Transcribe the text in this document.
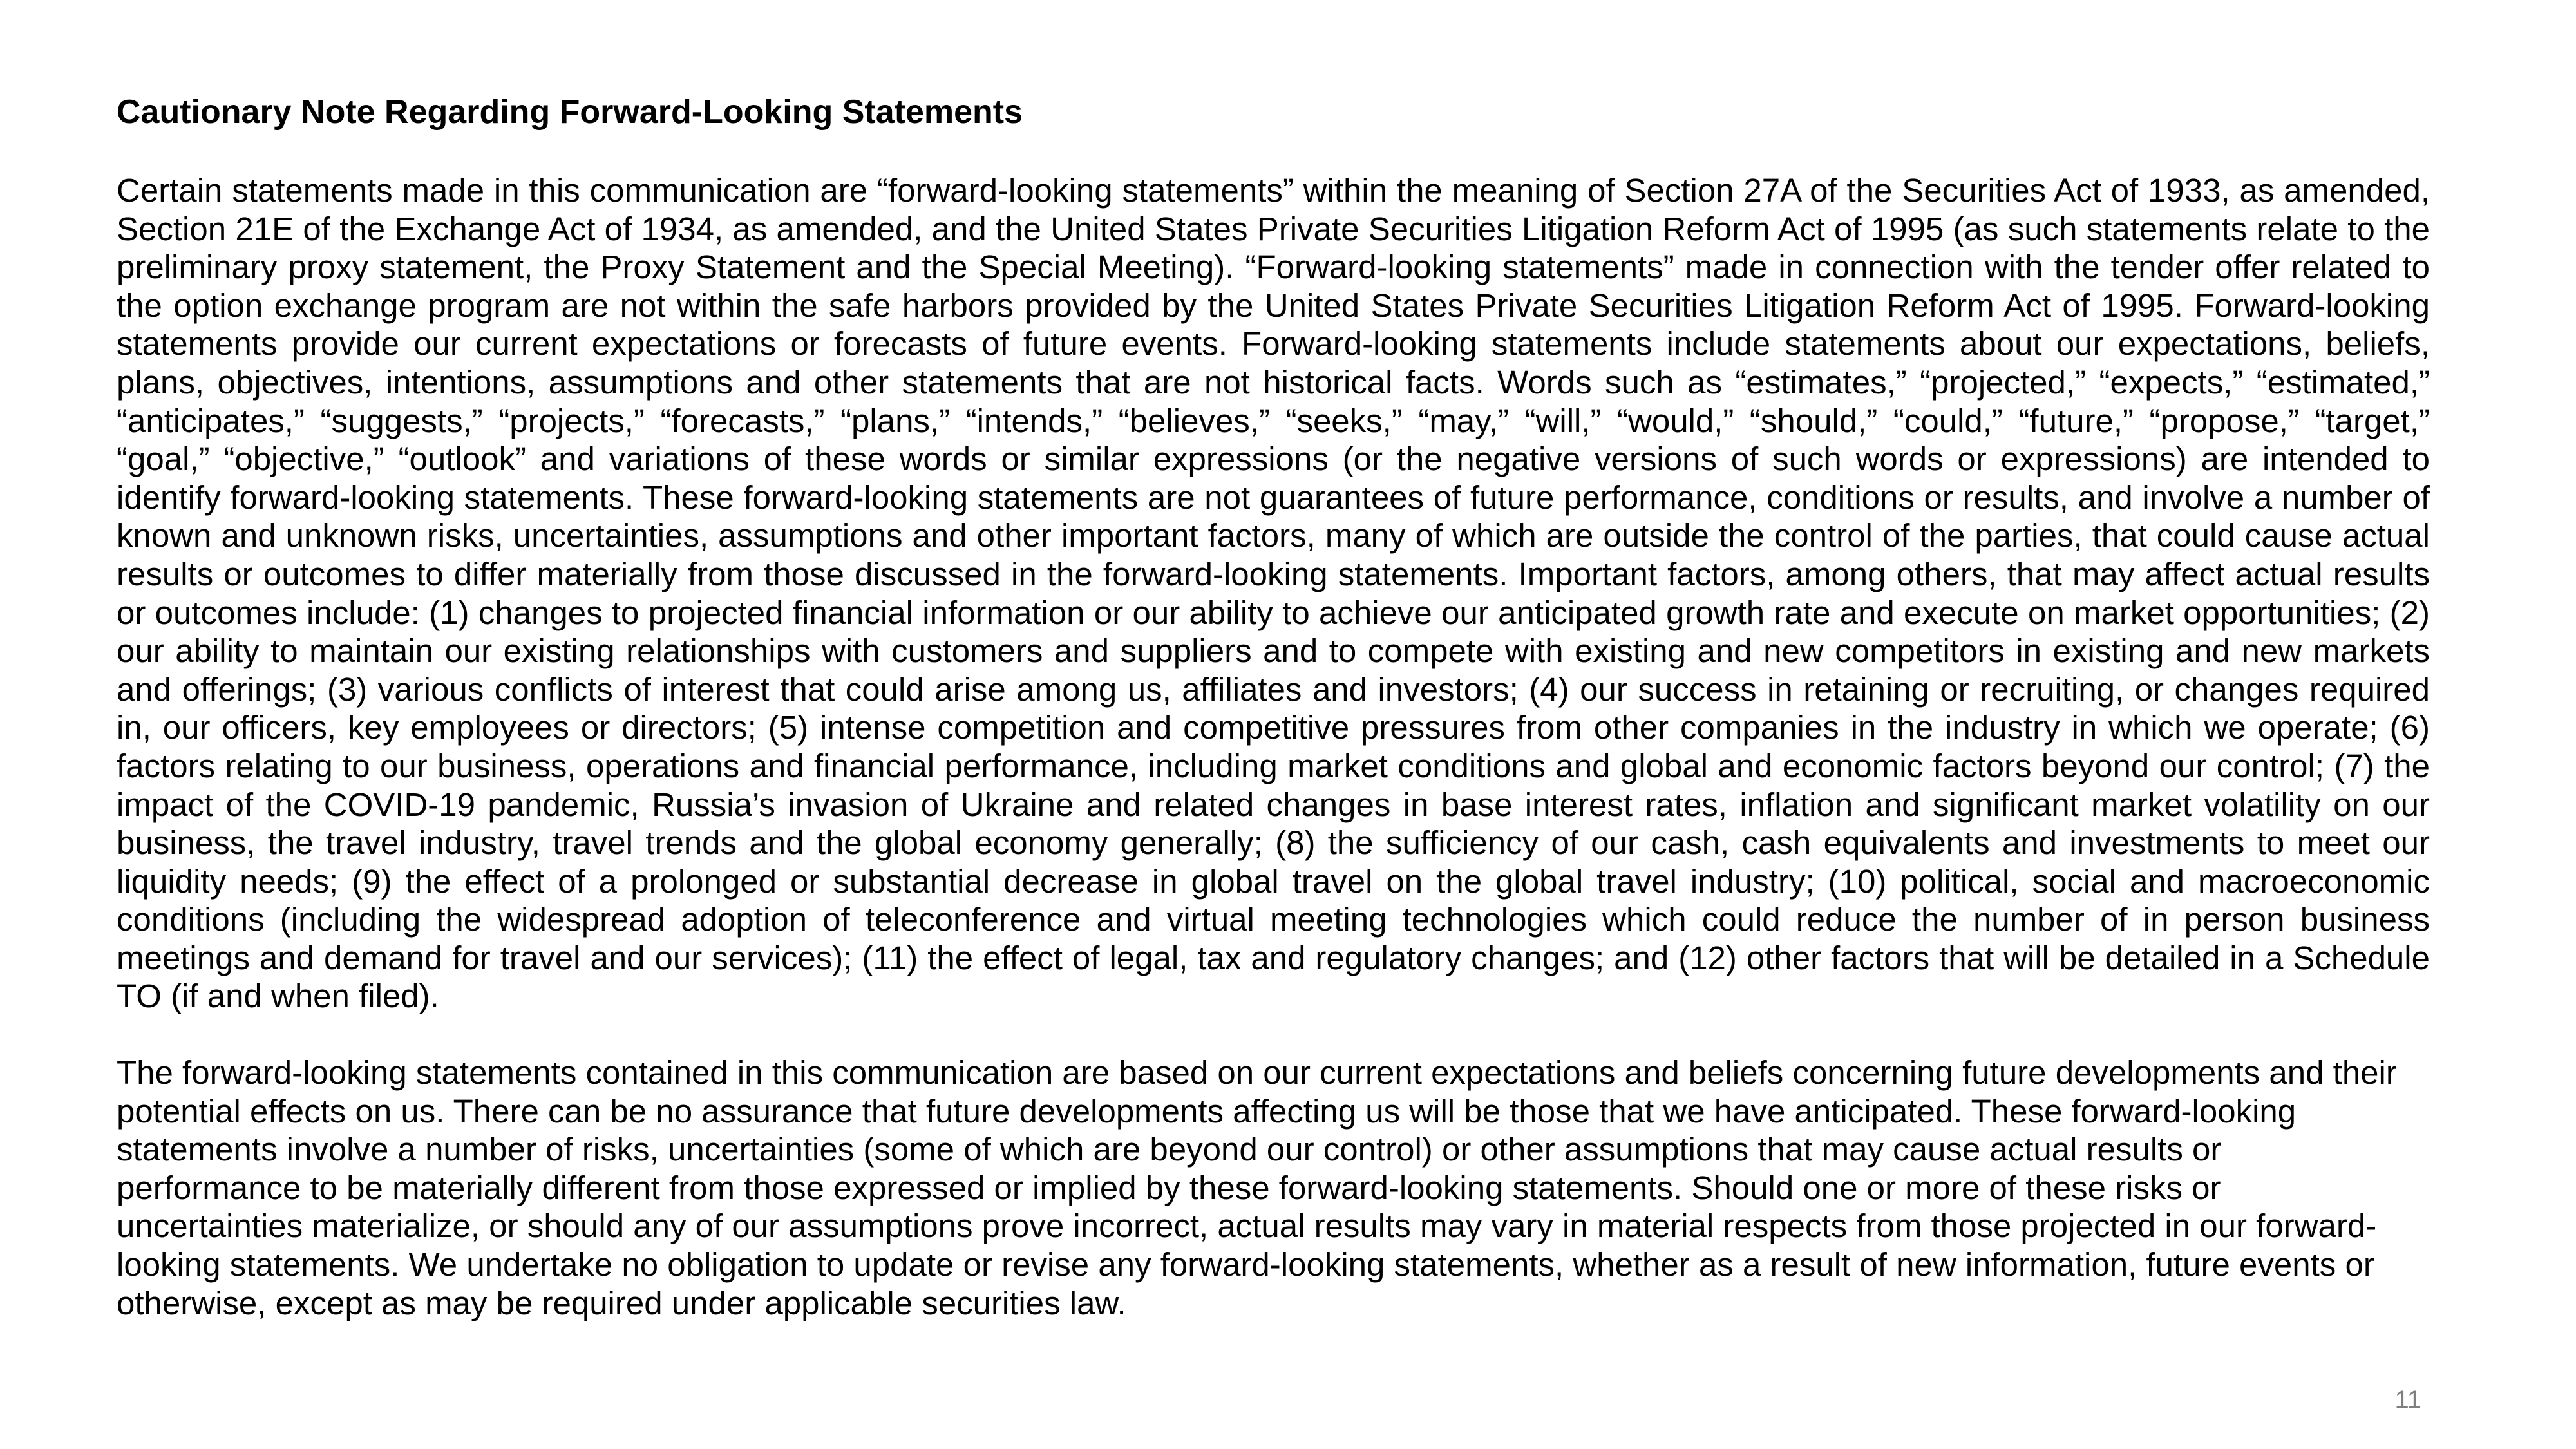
Cautionary Note Regarding Forward-Looking Statements

Certain statements made in this communication are “forward-looking statements” within the meaning of Section 27A of the Securities Act of 1933, as amended, Section 21E of the Exchange Act of 1934, as amended, and the United States Private Securities Litigation Reform Act of 1995 (as such statements relate to the preliminary proxy statement, the Proxy Statement and the Special Meeting). “Forward-looking statements” made in connection with the tender offer related to the option exchange program are not within the safe harbors provided by the United States Private Securities Litigation Reform Act of 1995. Forward-looking statements provide our current expectations or forecasts of future events. Forward-looking statements include statements about our expectations, beliefs, plans, objectives, intentions, assumptions and other statements that are not historical facts. Words such as “estimates,” “projected,” “expects,” “estimated,” “anticipates,” “suggests,” “projects,” “forecasts,” “plans,” “intends,” “believes,” “seeks,” “may,” “will,” “would,” “should,” “could,” “future,” “propose,” “target,” “goal,” “objective,” “outlook” and variations of these words or similar expressions (or the negative versions of such words or expressions) are intended to identify forward-looking statements. These forward-looking statements are not guarantees of future performance, conditions or results, and involve a number of known and unknown risks, uncertainties, assumptions and other important factors, many of which are outside the control of the parties, that could cause actual results or outcomes to differ materially from those discussed in the forward-looking statements. Important factors, among others, that may affect actual results or outcomes include: (1) changes to projected financial information or our ability to achieve our anticipated growth rate and execute on market opportunities; (2) our ability to maintain our existing relationships with customers and suppliers and to compete with existing and new competitors in existing and new markets and offerings; (3) various conflicts of interest that could arise among us, affiliates and investors; (4) our success in retaining or recruiting, or changes required in, our officers, key employees or directors; (5) intense competition and competitive pressures from other companies in the industry in which we operate; (6) factors relating to our business, operations and financial performance, including market conditions and global and economic factors beyond our control; (7) the impact of the COVID-19 pandemic, Russia’s invasion of Ukraine and related changes in base interest rates, inflation and significant market volatility on our business, the travel industry, travel trends and the global economy generally; (8) the sufficiency of our cash, cash equivalents and investments to meet our liquidity needs; (9) the effect of a prolonged or substantial decrease in global travel on the global travel industry; (10) political, social and macroeconomic conditions (including the widespread adoption of teleconference and virtual meeting technologies which could reduce the number of in person business meetings and demand for travel and our services); (11) the effect of legal, tax and regulatory changes; and (12) other factors that will be detailed in a Schedule TO (if and when filed).

The forward-looking statements contained in this communication are based on our current expectations and beliefs concerning future developments and their potential effects on us. There can be no assurance that future developments affecting us will be those that we have anticipated. These forward-looking statements involve a number of risks, uncertainties (some of which are beyond our control) or other assumptions that may cause actual results or performance to be materially different from those expressed or implied by these forward-looking statements. Should one or more of these risks or uncertainties materialize, or should any of our assumptions prove incorrect, actual results may vary in material respects from those projected in our forward-looking statements. We undertake no obligation to update or revise any forward-looking statements, whether as a result of new information, future events or otherwise, except as may be required under applicable securities law.

11
